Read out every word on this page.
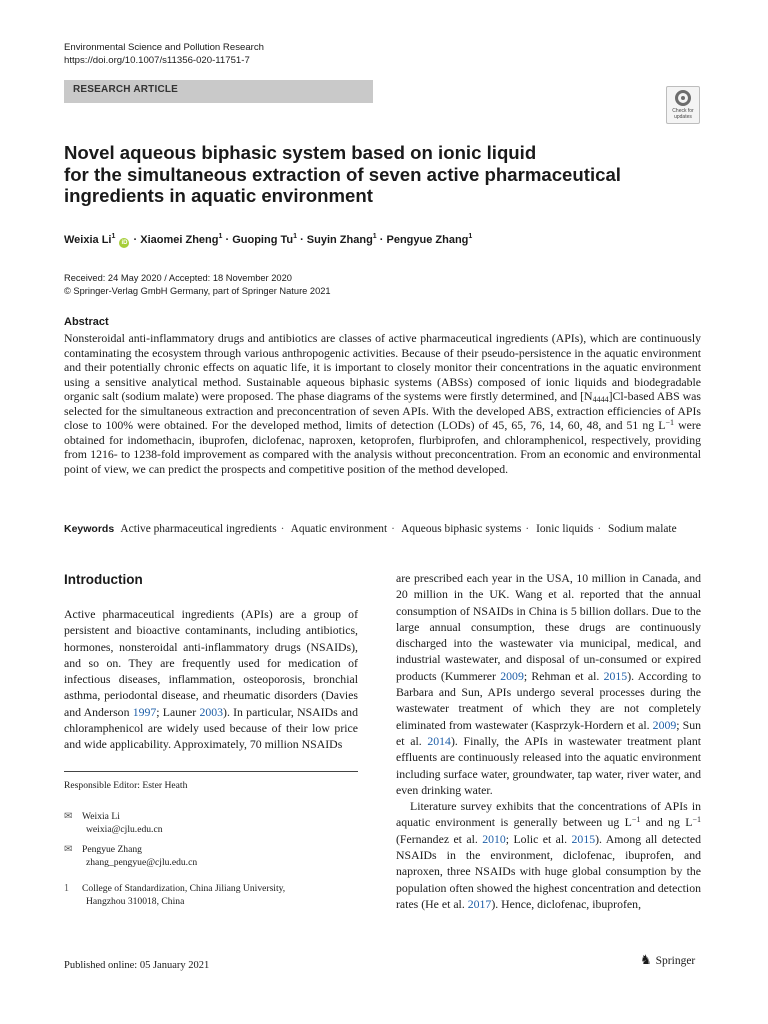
Environmental Science and Pollution Research
https://doi.org/10.1007/s11356-020-11751-7
RESEARCH ARTICLE
Check for
updates
Novel aqueous biphasic system based on ionic liquid
for the simultaneous extraction of seven active pharmaceutical
ingredients in aquatic environment
Weixia Li$^1$ iD · Xiaomei Zheng$^1$ · Guoping $Tu^1$ · Suyin Zhang$^1$ · Pengyue Zhang$^1$
Received: 24 May 2020 / Accepted: 18 November 2020
© Springer-Verlag GmbH Germany, part of Springer Nature 2021
Abstract
Nonsteroidal anti-inflammatory drugs and antibiotics are classes of active pharmaceutical ingredients (APIs), which are continuously contaminating the ecosystem through various anthropogenic activities. Because of their pseudo-persistence in the aquatic environment and their potentially chronic effects on aquatic life, it is important to closely monitor their concentrations in the aquatic environment using a sensitive analytical method. Sustainable aqueous biphasic systems (ABSs) composed of ionic liquids and biodegradable organic salt (sodium malate) were proposed. The phase diagrams of the systems were firstly determined, and $[N_{4444}]Cl$-based ABS was selected for the simultaneous extraction and preconcentration of seven APIs. With the developed ABS, extraction efficiencies of APIs close to 100% were obtained. For the developed method, limits of detection (LODs) of 45, 65, 76, 14, 60, 48, and 51 ng $L^{-1}$ were obtained for indomethacin, ibuprofen, diclofenac, naproxen, ketoprofen, flurbiprofen, and chloramphenicol, respectively, providing from 1216- to 1238-fold improvement as compared with the analysis without preconcentration. From an economic and environmental point of view, we can predict the prospects and competitive position of the method developed.
Keywords Active pharmaceutical ingredients · Aquatic environment · Aqueous biphasic systems · Ionic liquids · Sodium malate
Introduction
Active pharmaceutical ingredients (APIs) are a group of persistent and bioactive contaminants, including antibiotics, hormones, nonsteroidal anti-inflammatory drugs (NSAIDs), and so on. They are frequently used for medication of infectious diseases, inflammation, osteoporosis, bronchial asthma, periodontal disease, and rheumatic disorders (Davies and Anderson 1997; Launer 2003). In particular, NSAIDs and chloramphenicol are widely used because of their low price and wide applicability. Approximately, 70 million NSAIDs
are prescribed each year in the USA, 10 million in Canada, and 20 million in the UK. Wang et al. reported that the annual consumption of NSAIDs in China is 5 billion dollars. Due to the large annual consumption, these drugs are continuously discharged into the wastewater via municipal, medical, and industrial wastewater, and disposal of un-consumed or expired products (Kummerer 2009; Rehman et al. 2015). According to Barbara and Sun, APIs undergo several processes during the wastewater treatment of which they are not completely eliminated from wastewater (Kasprzyk-Hordern et al. 2009; Sun et al. 2014). Finally, the APIs in wastewater treatment plant effluents are continuously released into the aquatic environment including surface water, groundwater, tap water, river water, and even drinking water.
Literature survey exhibits that the concentrations of APIs in aquatic environment is generally between ug $L^{-1}$ and ng $L^{-1}$ (Fernandez et al. 2010; Lolic et al. 2015). Among all detected NSAIDs in the environment, diclofenac, ibuprofen, and naproxen, three NSAIDs with huge global consumption by the population often showed the highest concentration and detection rates (He et al. 2017). Hence, diclofenac, ibuprofen,
Responsible Editor: Ester Heath
✉ Weixia Li
weixia@cjlu.edu.cn
✉ Pengyue Zhang
zhang_pengyue@cjlu.edu.cn
1 College of Standardization, China Jiliang University,
Hangzhou 310018, China
Published online: 05 January 2021	♞ Springer
